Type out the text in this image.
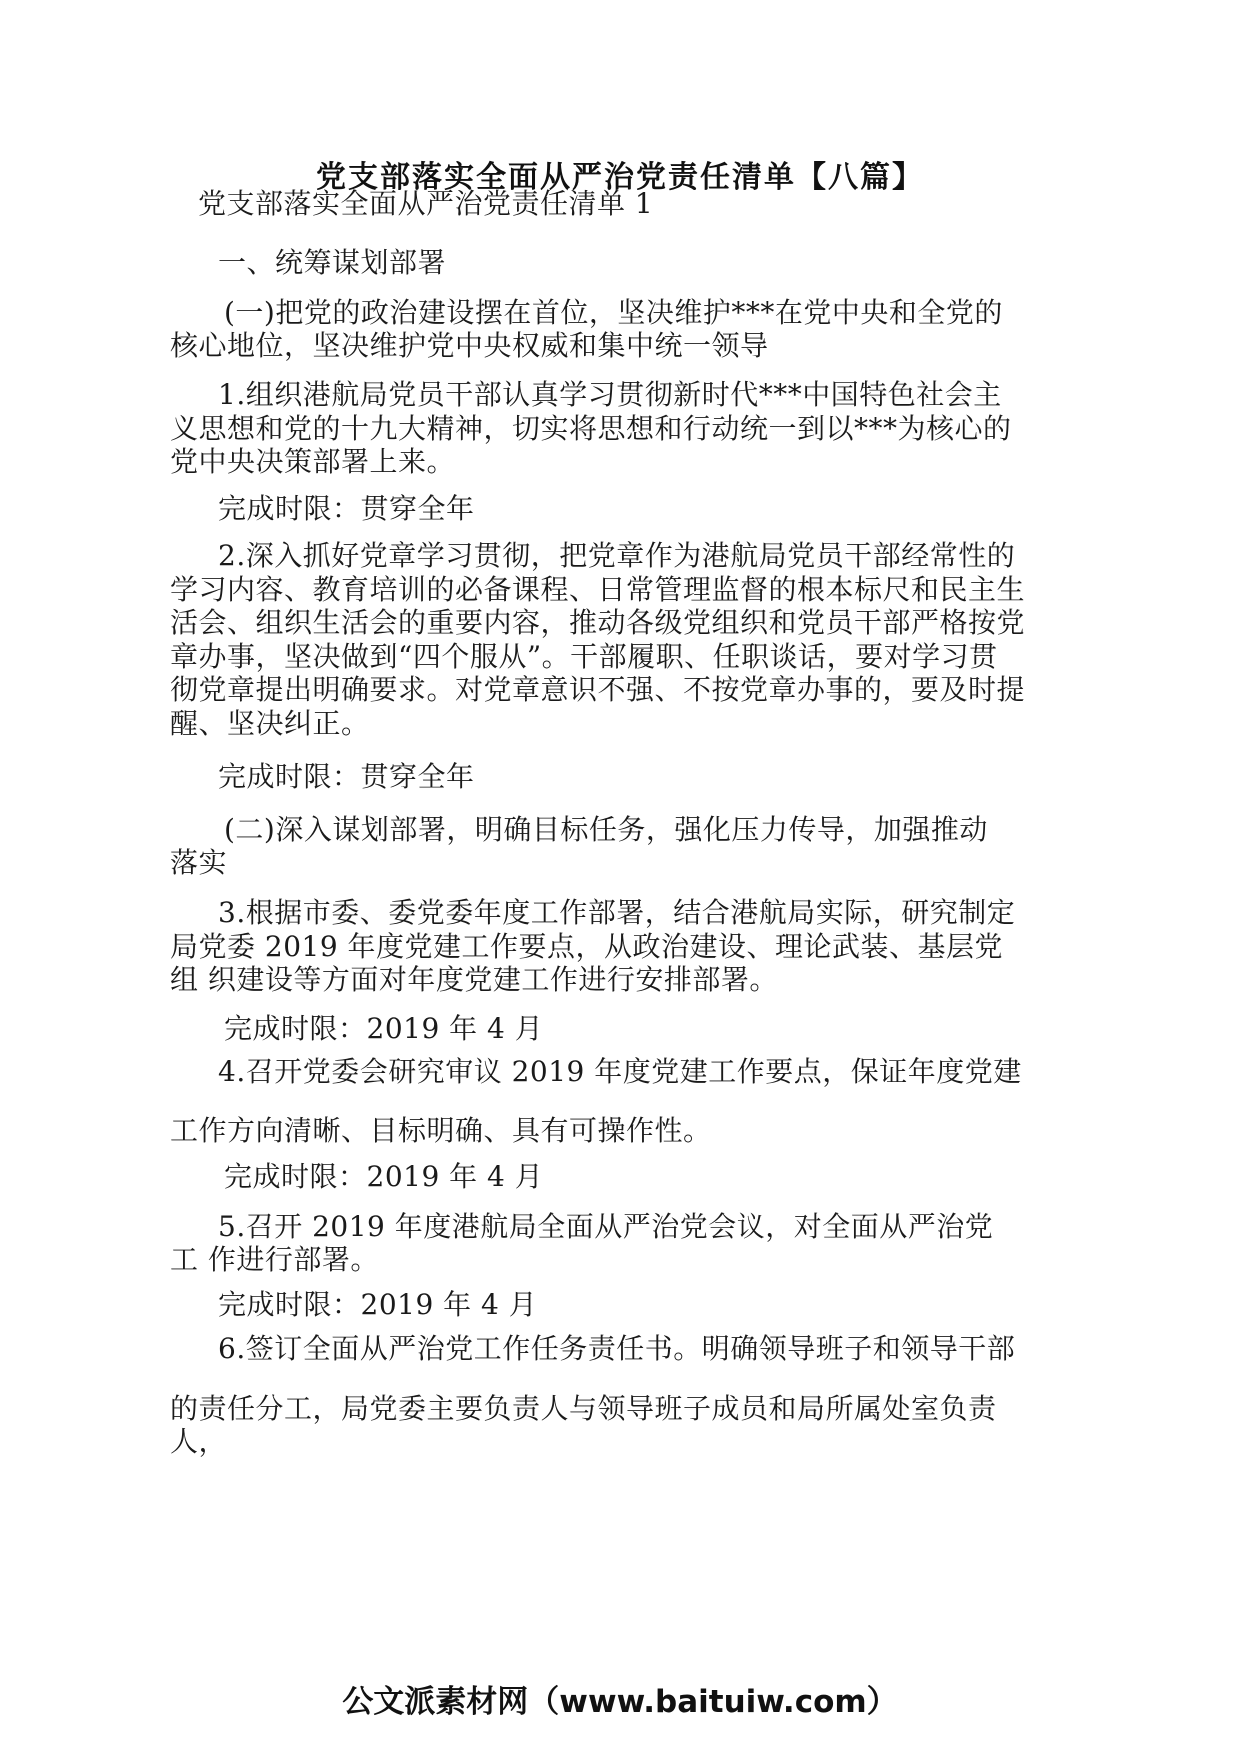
党支部落实全面从严治党责任清单【八篇】
党支部落实全面从严治党责任清单 1
一、统筹谋划部署
(一)把党的政治建设摆在首位，坚决维护***在党中央和全党的
核心地位，坚决维护党中央权威和集中统一领导
1.组织港航局党员干部认真学习贯彻新时代***中国特色社会主
义思想和党的十九大精神，切实将思想和行动统一到以***为核心的
党中央决策部署上来。
完成时限：贯穿全年
2.深入抓好党章学习贯彻，把党章作为港航局党员干部经常性的
学习内容、教育培训的必备课程、日常管理监督的根本标尺和民主生
活会、组织生活会的重要内容，推动各级党组织和党员干部严格按党
章办事，坚决做到“四个服从”。干部履职、任职谈话，要对学习贯
彻党章提出明确要求。对党章意识不强、不按党章办事的，要及时提
醒、坚决纠正。
完成时限：贯穿全年
(二)深入谋划部署，明确目标任务，强化压力传导，加强推动
落实
3.根据市委、委党委年度工作部署，结合港航局实际，研究制定
局党委 2019 年度党建工作要点，从政治建设、理论武装、基层党
组 织建设等方面对年度党建工作进行安排部署。
完成时限：2019 年 4 月
4.召开党委会研究审议 2019 年度党建工作要点，保证年度党建
工作方向清晰、目标明确、具有可操作性。
完成时限：2019 年 4 月
5.召开 2019 年度港航局全面从严治党会议，对全面从严治党
工 作进行部署。
完成时限：2019 年 4 月
6.签订全面从严治党工作任务责任书。明确领导班子和领导干部
的责任分工，局党委主要负责人与领导班子成员和局所属处室负责
人，
公文派素材网（www.baituiw.com）
